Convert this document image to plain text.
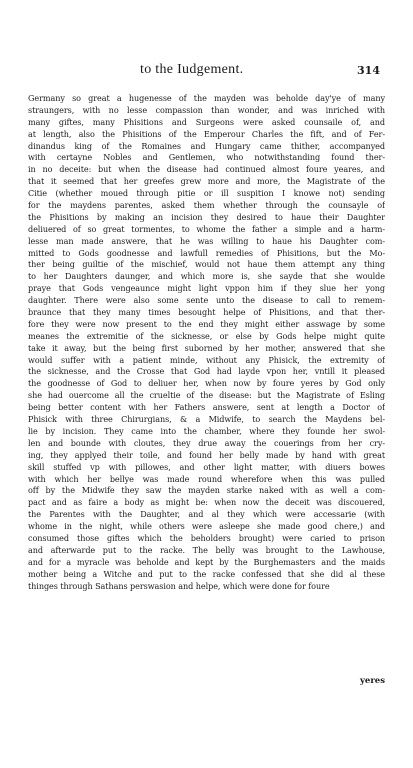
to the Iudgement.	314
Germany so great a hugenesse of the mayden was beholde day'ye of many
straungers, with no lesse compassion than wonder, and was inriched with
many giftes, many Phisitions and Surgeons were asked counsaile of, and
at length, also the Phisitions of the Emperour Charles the fift, and of Fer-
dinandus king of the Romaines and Hungary came thither, accompanyed
with certayne Nobles and Gentlemen, who notwithstanding found ther-
in no deceite: but when the disease had continued almost foure yeares, and
that it seemed that her greefes grew more and more, the Magistrate of the
Citie (whether moued through pitie or ill suspition I knowe not) sending
for the maydens parentes, asked them whether through the counsayle of
the Phisitions by making an incision they desired to haue their Daughter
deliuered of so great tormentes, to whome the father a simple and a harm-
lesse man made answere, that he was willing to haue his Daughter com-
mitted to Gods goodnesse and lawfull remedies of Phisitions, but the Mo-
ther being guiltie of the mischief, would not haue them attempt any thing
to her Daughters daunger, and which more is, she sayde that she woulde
praye that Gods vengeaunce might light vppon him if they slue her yong
daughter. There were also some sente unto the disease to call to remem-
braunce that they many times besought helpe of Phisitions, and that ther-
fore they were now present to the end they might either asswage by some
meanes the extremitie of the sicknesse, or else by Gods helpe might quite
take it away, but the being first suborned by her mother, answered that she
would suffer with a patient minde, without any Phisick, the extremity of
the sicknesse, and the Crosse that God had layde vpon her, vntill it pleased
the goodnesse of God to deliuer her, when now by foure yeres by God only
she had ouercome all the crueltie of the disease: but the Magistrate of Esling
being better content with her Fathers answere, sent at length a Doctor of
Phisick with three Chirurgians, & a Midwife, to search the Maydens bel-
lie by incision. They came into the chamber, where they founde her swol-
len and bounde with cloutes, they drue away the couerings from her cry-
ing, they applyed their toile, and found her belly made by hand with great
skill stuffed vp with pillowes, and other light matter, with diuers bowes
with which her bellye was made round wherefore when this was pulled
off by the Midwife they saw the mayden starke naked with as well a com-
pact and as faire a body as might be: when now the deceit was discouered,
the Parentes with the Daughter, and al they which were accessarie (with
whome in the night, while others were asleepe she made good chere,) and
consumed those giftes which the beholders brought) were caried to prison
and afterwarde put to the racke. The belly was brought to the Lawhouse,
and for a myracle was beholde and kept by the Burghemasters and the maids
mother being a Witche and put to the racke confessed that she did al these
thinges through Sathans perswasion and helpe, which were done for foure
yeres
